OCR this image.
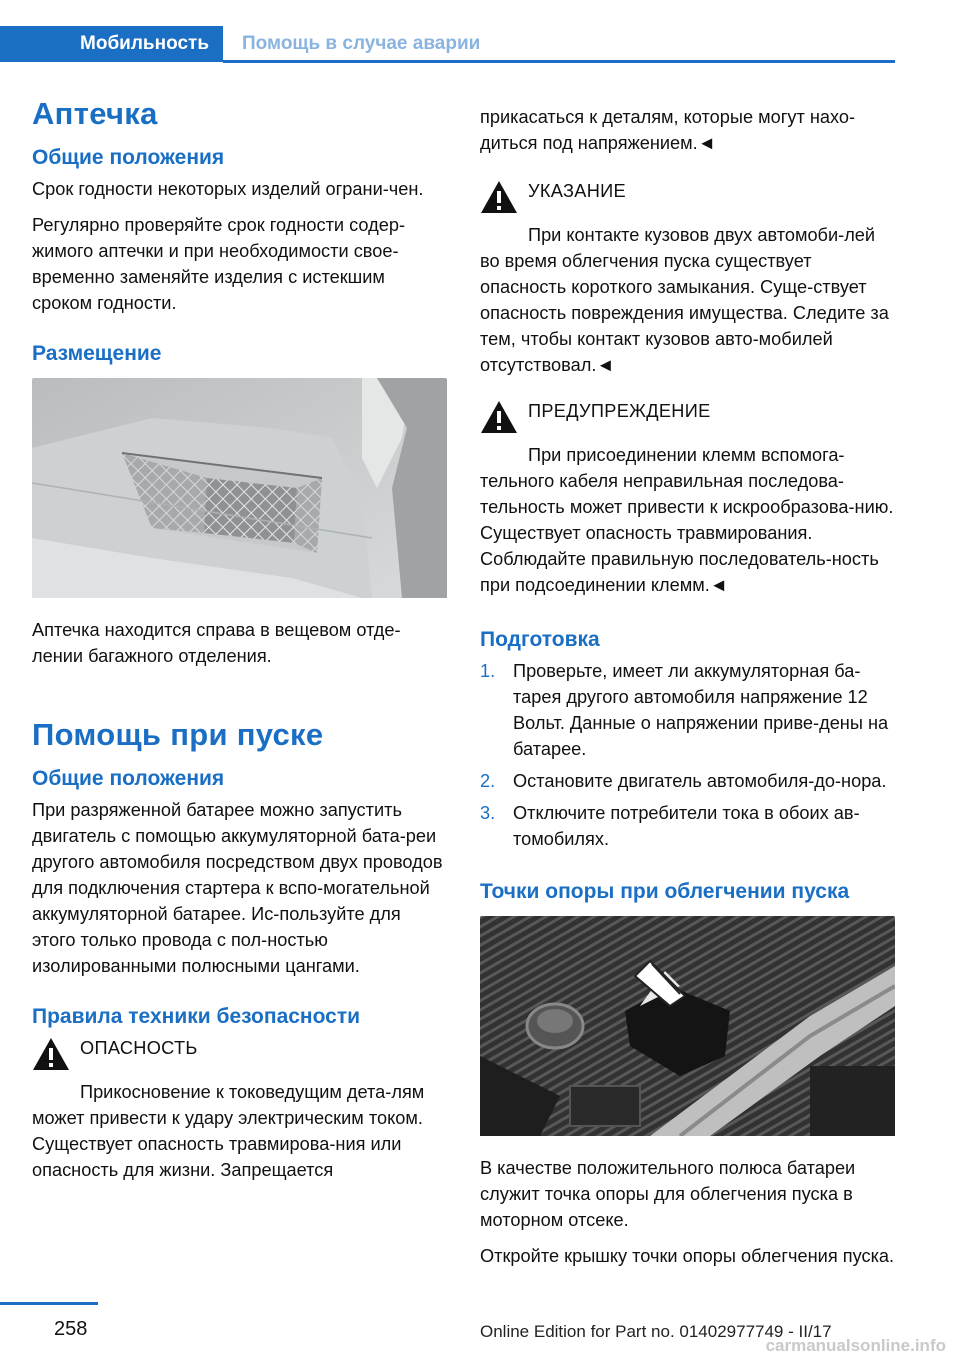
Мобильность	Помощь в случае аварии
Аптечка
Общие положения

Срок годности некоторых изделий ограни-чен.

Регулярно проверяйте срок годности содер-жимого аптечки и при необходимости свое-временно заменяйте изделия с истекшим сроком годности.

Размещение

Аптечка находится справа в вещевом отде-лении багажного отделения.

Помощь при пуске
Общие положения

При разряженной батарее можно запустить двигатель с помощью аккумуляторной бата-реи другого автомобиля посредством двух проводов для подключения стартера к вспо-могательной аккумуляторной батарее. Ис-пользуйте для этого только провода с пол-ностью изолированными полюсными цангами.

Правила техники безопасности
ОПАСНОСТЬ

Прикосновение к токоведущим дета-лям может привести к удару электрическим током. Существует опасность травмирова-ния или опасность для жизни. Запрещается

прикасаться к деталям, которые могут нахо-диться под напряжением.◄

УКАЗАНИЕ

При контакте кузовов двух автомоби-лей во время облегчения пуска существует опасность короткого замыкания. Суще-ствует опасность повреждения имущества. Следите за тем, чтобы контакт кузовов авто-мобилей отсутствовал.◄

ПРЕДУПРЕЖДЕНИЕ

При присоединении клемм вспомога-тельного кабеля неправильная последова-тельность может привести к искрообразова-нию. Существует опасность травмирования. Соблюдайте правильную последователь-ность при подсоединении клемм.◄

Подготовка
1. Проверьте, имеет ли аккумуляторная ба-тарея другого автомобиля напряжение 12 Вольт. Данные о напряжении приве-дены на батарее.
2. Остановите двигатель автомобиля-до-нора.
3. Отключите потребители тока в обоих ав-томобилях.
Точки опоры при облегчении пуска

В качестве положительного полюса батареи служит точка опоры для облегчения пуска в моторном отсеке.

Откройте крышку точки опоры облегчения пуска.

258	Online Edition for Part no. 01402977749 - II/17
carmanualsonline.info
